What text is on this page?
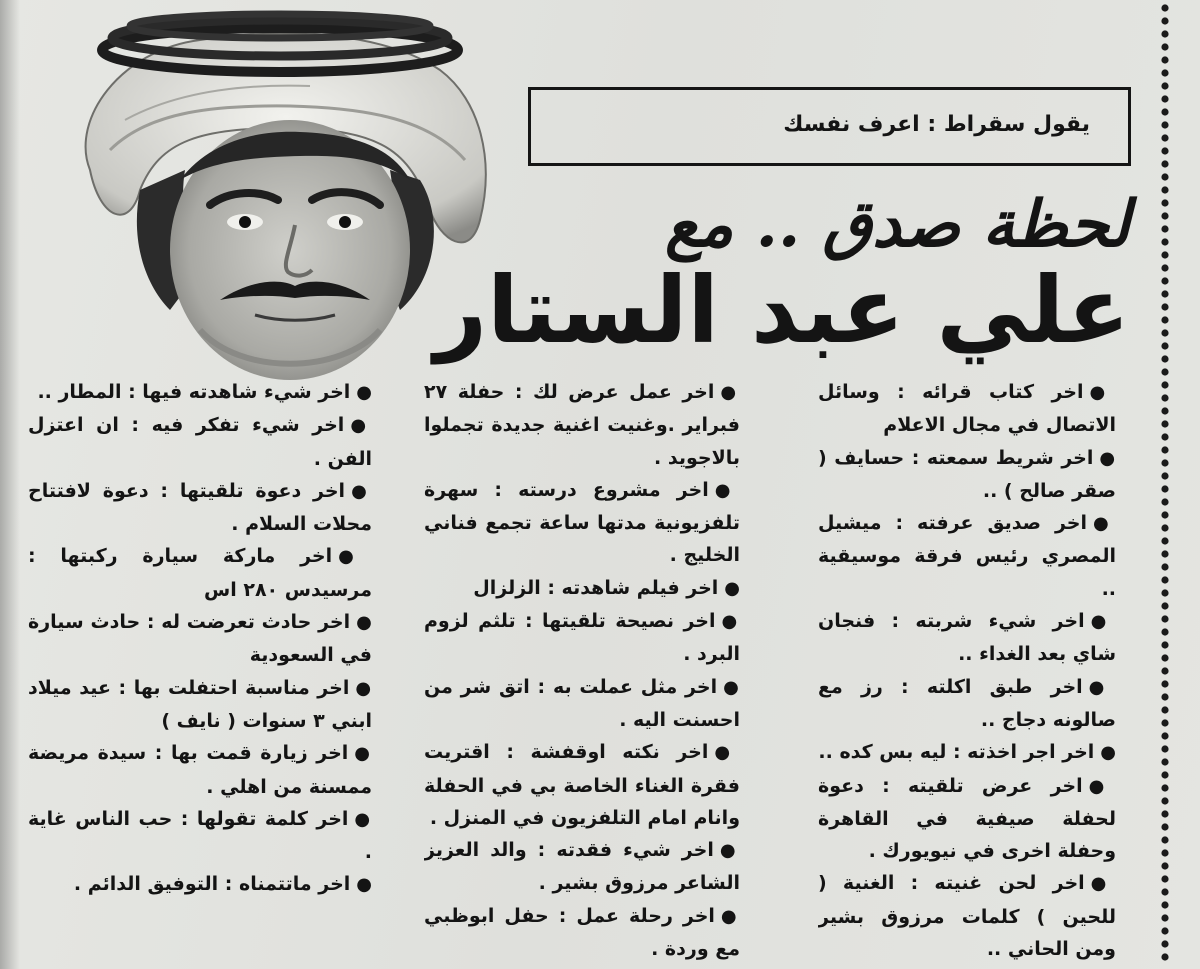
يقول سقراط : اعرف نفسك
لحظة صدق .. مع
علي عبد الستار
●اخر كتاب قرائه : وسائل الاتصال في مجال الاعلام
●اخر شريط سمعته : حسايف ( صقر صالح ) ..
●اخر صديق عرفته : ميشيل المصري رئيس فرقة موسيقية ..
●اخر شيء شربته : فنجان شاي بعد الغداء ..
●اخر طبق اكلته : رز مع صالونه دجاج ..
●اخر اجر اخذته : ليه بس كده ..
●اخر عرض تلقيته : دعوة لحفلة صيفية في القاهرة وحفلة اخرى في نيويورك .
●اخر لحن غنيته : الغنية ( للحين ) كلمات مرزوق بشير ومن الحاني ..
●اخر عمل عرض لك : حفلة ٢٧ فبراير .وغنيت اغنية جديدة تجملوا بالاجويد .
●اخر مشروع درسته : سهرة تلفزيونية مدتها ساعة تجمع فناني الخليج .
●اخر فيلم شاهدته : الزلزال
●اخر نصيحة تلقيتها : تلثم لزوم البرد .
●اخر مثل عملت به : اتق شر من احسنت اليه .
●اخر نكته اوقفشة : اقتريت فقرة الغناء الخاصة بي في الحفلة وانام امام التلفزيون في المنزل .
●اخر شيء فقدته : والد العزيز الشاعر مرزوق بشير .
●اخر رحلة عمل : حفل ابوظبي مع وردة .
●اخر شيء شاهدته فيها : المطار ..
●اخر شيء تفكر فيه : ان اعتزل الفن .
●اخر دعوة تلقيتها : دعوة لافتتاح محلات السلام .
●اخر ماركة سيارة ركبتها : مرسيدس ٢٨٠ اس
●اخر حادث تعرضت له : حادث سيارة في السعودية
●اخر مناسبة احتفلت بها : عيد ميلاد ابني ٣ سنوات ( نايف )
●اخر زيارة قمت بها : سيدة مريضة ممسنة من اهلي .
●اخر كلمة تقولها : حب الناس غاية .
●اخر ماتتمناه : التوفيق الدائم .
